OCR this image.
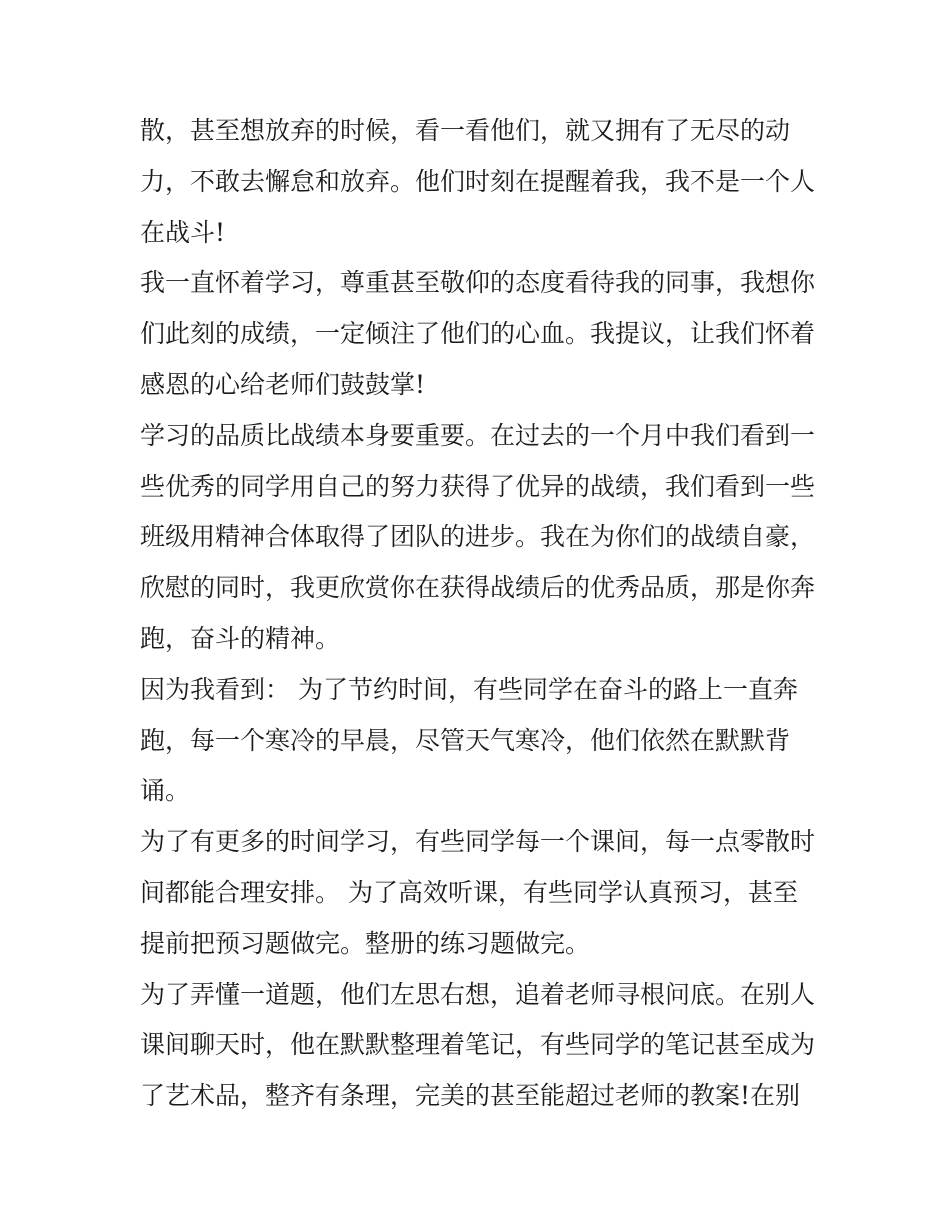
散，甚至想放弃的时候，看一看他们，就又拥有了无尽的动
力，不敢去懈怠和放弃。他们时刻在提醒着我，我不是一个人
在战斗!
我一直怀着学习，尊重甚至敬仰的态度看待我的同事，我想你
们此刻的成绩，一定倾注了他们的心血。我提议，让我们怀着
感恩的心给老师们鼓鼓掌!
学习的品质比战绩本身要重要。在过去的一个月中我们看到一
些优秀的同学用自己的努力获得了优异的战绩，我们看到一些
班级用精神合体取得了团队的进步。我在为你们的战绩自豪，
欣慰的同时，我更欣赏你在获得战绩后的优秀品质，那是你奔
跑，奋斗的精神。
因为我看到： 为了节约时间，有些同学在奋斗的路上一直奔
跑，每一个寒冷的早晨，尽管天气寒冷，他们依然在默默背
诵。
为了有更多的时间学习，有些同学每一个课间，每一点零散时
间都能合理安排。 为了高效听课，有些同学认真预习，甚至
提前把预习题做完。整册的练习题做完。
为了弄懂一道题，他们左思右想，追着老师寻根问底。在别人
课间聊天时，他在默默整理着笔记，有些同学的笔记甚至成为
了艺术品，整齐有条理，完美的甚至能超过老师的教案!在别
